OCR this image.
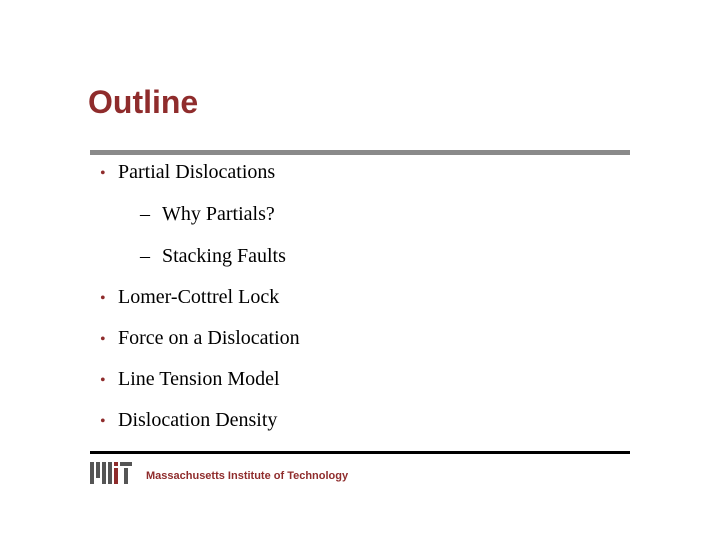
Outline
• Partial Dislocations
– Why Partials?
– Stacking Faults
• Lomer-Cottrel Lock
• Force on a Dislocation
• Line Tension Model
• Dislocation Density
Massachusetts Institute of Technology
